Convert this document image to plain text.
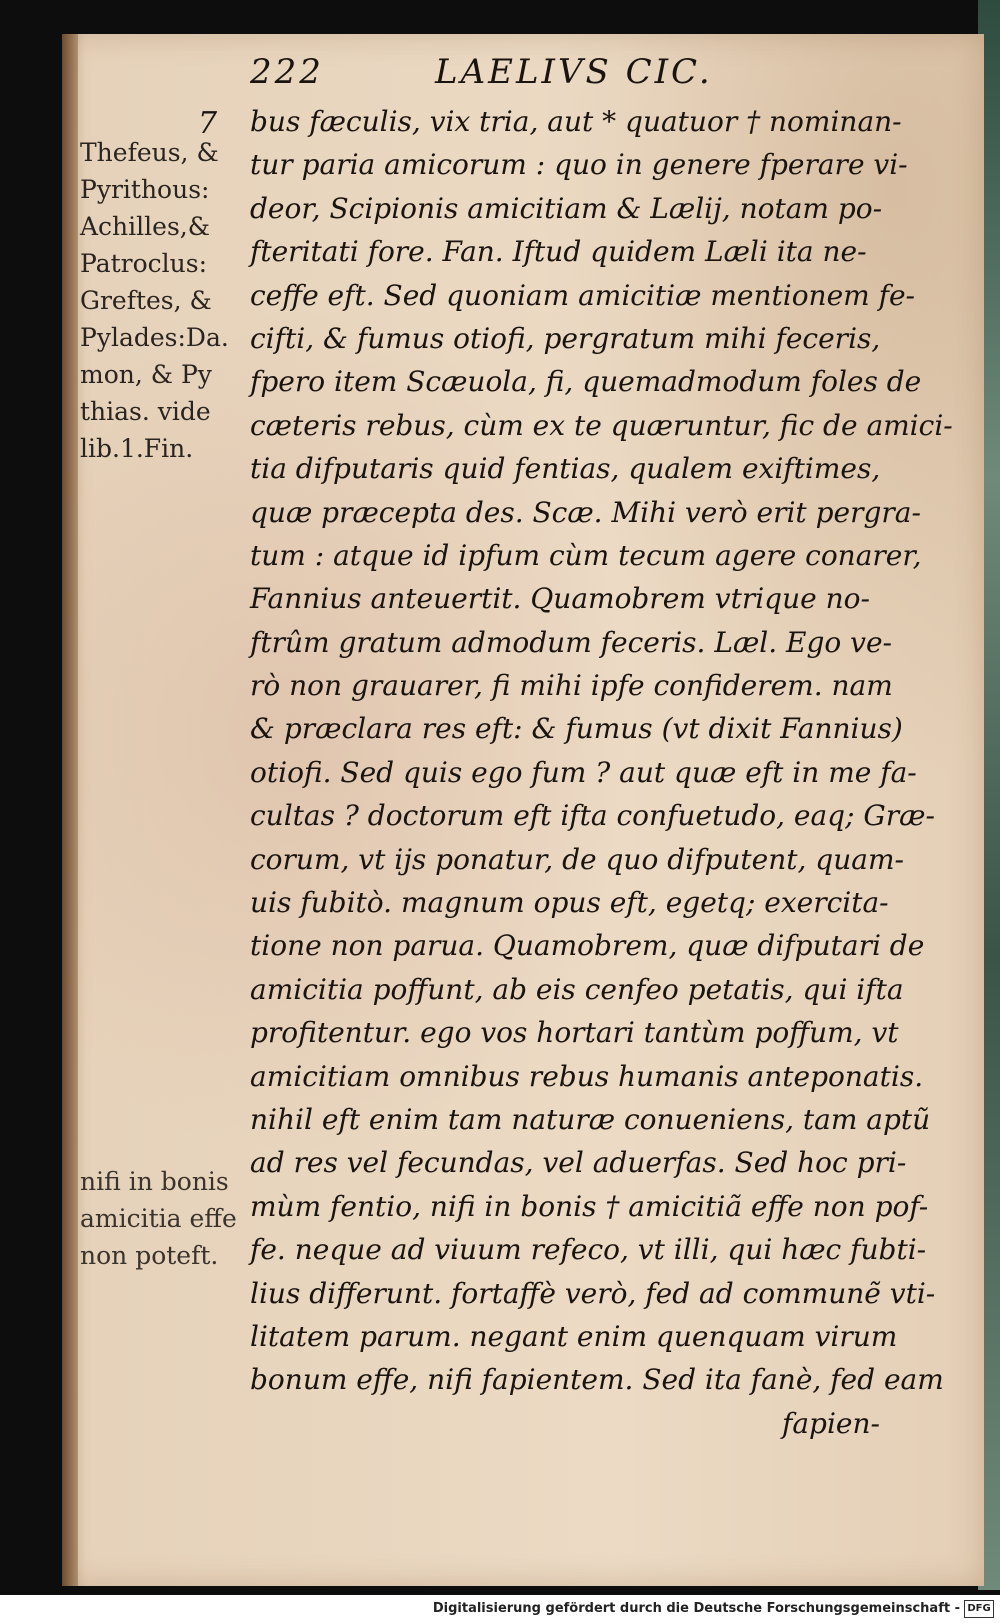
222	LAELIVS CIC.
7
Thefeus, &
Pyrithous:
Achilles,&
Patroclus:
Greftes, &
Pylades:Da.
mon, & Py
thias. vide
lib.1.Fin.
nifi in bonis
amicitia effe
non poteft.
bus fæculis, vix tria, aut * quatuor † nominan-
tur paria amicorum : quo in genere fperare vi-
deor, Scipionis amicitiam & Lælij, notam po-
fteritati fore. Fan. Iftud quidem Læli ita ne-
ceffe eft. Sed quoniam amicitiæ mentionem fe-
cifti, & fumus otiofi, pergratum mihi feceris,
fpero item Scæuola, fi, quemadmodum foles de
cæteris rebus, cùm ex te quæruntur, fic de amici-
tia difputaris quid fentias, qualem exiftimes,
quæ præcepta des. Scæ. Mihi verò erit pergra-
tum : atque id ipfum cùm tecum agere conarer,
Fannius anteuertit. Quamobrem vtrique no-
ftrûm gratum admodum feceris. Læl. Ego ve-
rò non grauarer, fi mihi ipfe confiderem. nam
& præclara res eft: & fumus (vt dixit Fannius)
otiofi. Sed quis ego fum ? aut quæ eft in me fa-
cultas ? doctorum eft ifta confuetudo, eaq; Græ-
corum, vt ijs ponatur, de quo difputent, quam-
uis fubitò. magnum opus eft, egetq; exercita-
tione non parua. Quamobrem, quæ difputari de
amicitia poffunt, ab eis cenfeo petatis, qui ifta
profitentur. ego vos hortari tantùm poffum, vt
amicitiam omnibus rebus humanis anteponatis.
nihil eft enim tam naturæ conueniens, tam aptũ
ad res vel fecundas, vel aduerfas. Sed hoc pri-
mùm fentio, nifi in bonis † amicitiã effe non pof-
fe. neque ad viuum refeco, vt illi, qui hæc fubti-
lius differunt. fortaffè verò, fed ad communẽ vti-
litatem parum. negant enim quenquam virum
bonum effe, nifi fapientem. Sed ita fanè, fed eam
fapien-
Digitalisierung gefördert durch die Deutsche Forschungsgemeinschaft - DFG
